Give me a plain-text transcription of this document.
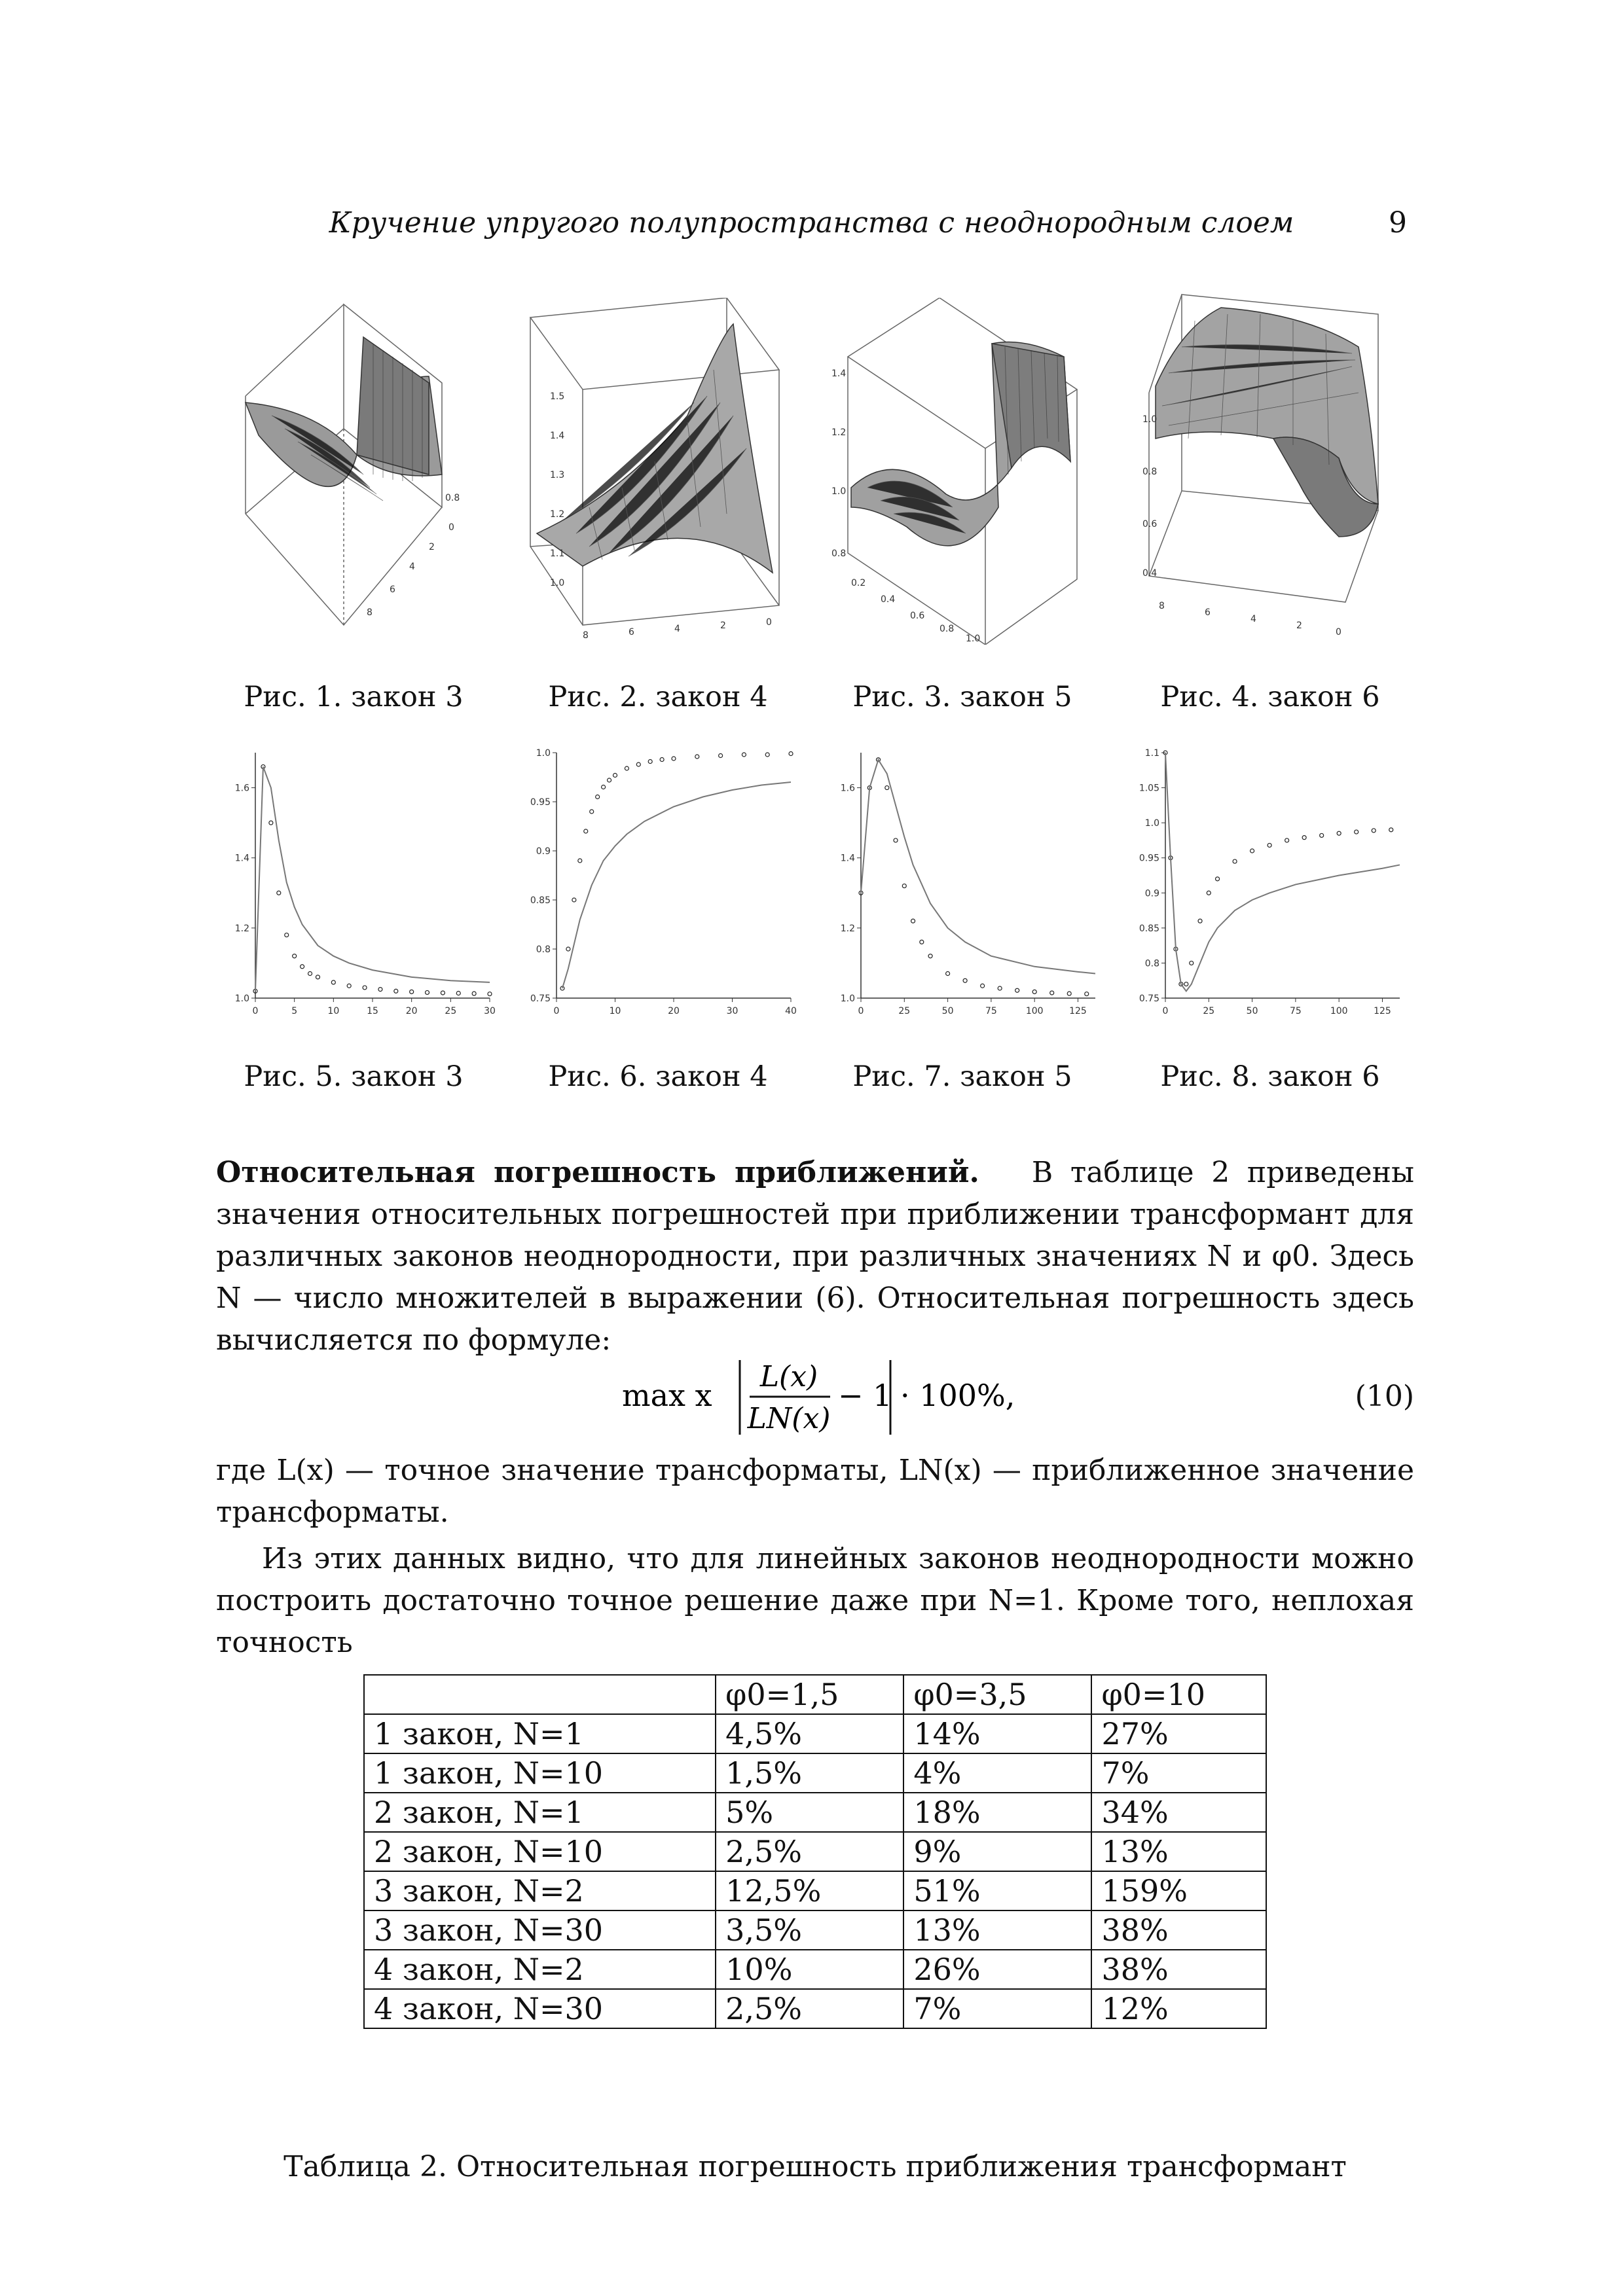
Кручение упругого полупространства с неоднородным слоем	9
0.8
0
2
4
6
8
1.5
1.4
1.3
1.2
1.1
1.0
8	6	4	2	0
1.4
1.2
1.0
0.8
0.2
0.4
0.6
0.8
1.0
1.0
0.8
0.6
0.4
8
6
4
2
0
Рис. 1. закон 3	Рис. 2. закон 4	Рис. 3. закон 5	Рис. 4. закон 6
0	5	10	15	20	25	30
1.0
1.2
1.4
1.6
0	10	20	30	40
0.75
0.8
0.85
0.9
0.95
1.0
0	25	50	75	100	125
1.0
1.2
1.4
1.6
0	25	50	75	100	125
0.75
0.8
0.85
0.9
0.95
1.0
1.05
1.1
Рис. 5. закон 3	Рис. 6. закон 4	Рис. 7. закон 5	Рис. 8. закон 6
Относительная погрешность приближений. В таблице 2 приведены значения относительных погрешностей при приближении трансформант для различных законов неоднородности, при различных значениях N и φ0. Здесь N — число множителей в выражении (6). Относительная погрешность здесь вычисляется по формуле:
max x
L(x)
LN(x)
− 1 · 100%,	(10)
где L(x) — точное значение трансформаты, LN(x) — приближенное значение трансформаты.
Из этих данных видно, что для линейных законов неоднородности можно построить достаточно точное решение даже при N=1. Кроме того, неплохая точность
	φ0=1,5	φ0=3,5	φ0=10
1 закон, N=1	4,5%	14%	27%
1 закон, N=10	1,5%	4%	7%
2 закон, N=1	5%	18%	34%
2 закон, N=10	2,5%	9%	13%
3 закон, N=2	12,5%	51%	159%
3 закон, N=30	3,5%	13%	38%
4 закон, N=2	10%	26%	38%
4 закон, N=30	2,5%	7%	12%
Таблица 2. Относительная погрешность приближения трансформант
